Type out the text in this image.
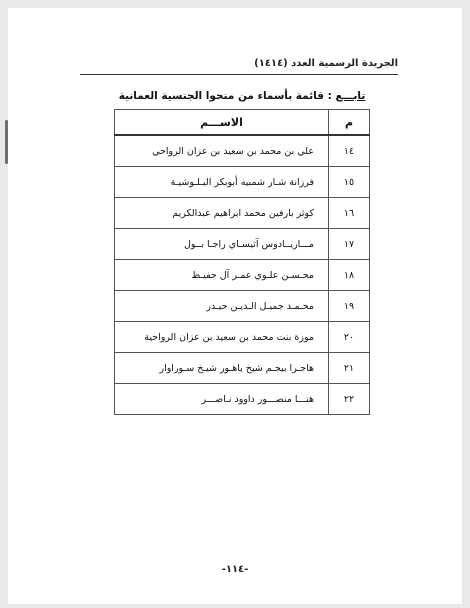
الجريدة الرسمية العدد (١٤١٤)
تابـــع : قائمة بأسماء من منحوا الجنسية العمانية
م	الاســـم
١٤	علي بن محمد بن سعيد بن عزان الرواحي
١٥	فرزانة شـار شمبيه أبوبكر البـلـوشيـة
١٦	كوثر بارفين محمد ابراهيم عبدالكريم
١٧	مـــاريــادوس آثيسـاي راجـا بــول
١٨	محـسـن علـوي عمـر آل حفيـظ
١٩	محـمـد جميـل الـديـن حيـدر
٢٠	موزة بنت محمد بن سعيد بن عزان الرواحية
٢١	هاجـرا بيجـم شيخ ياهـور شيـخ سـوراوار
٢٢	هنـــا منصـــور داوود نـاصـــر
-١١٤-
